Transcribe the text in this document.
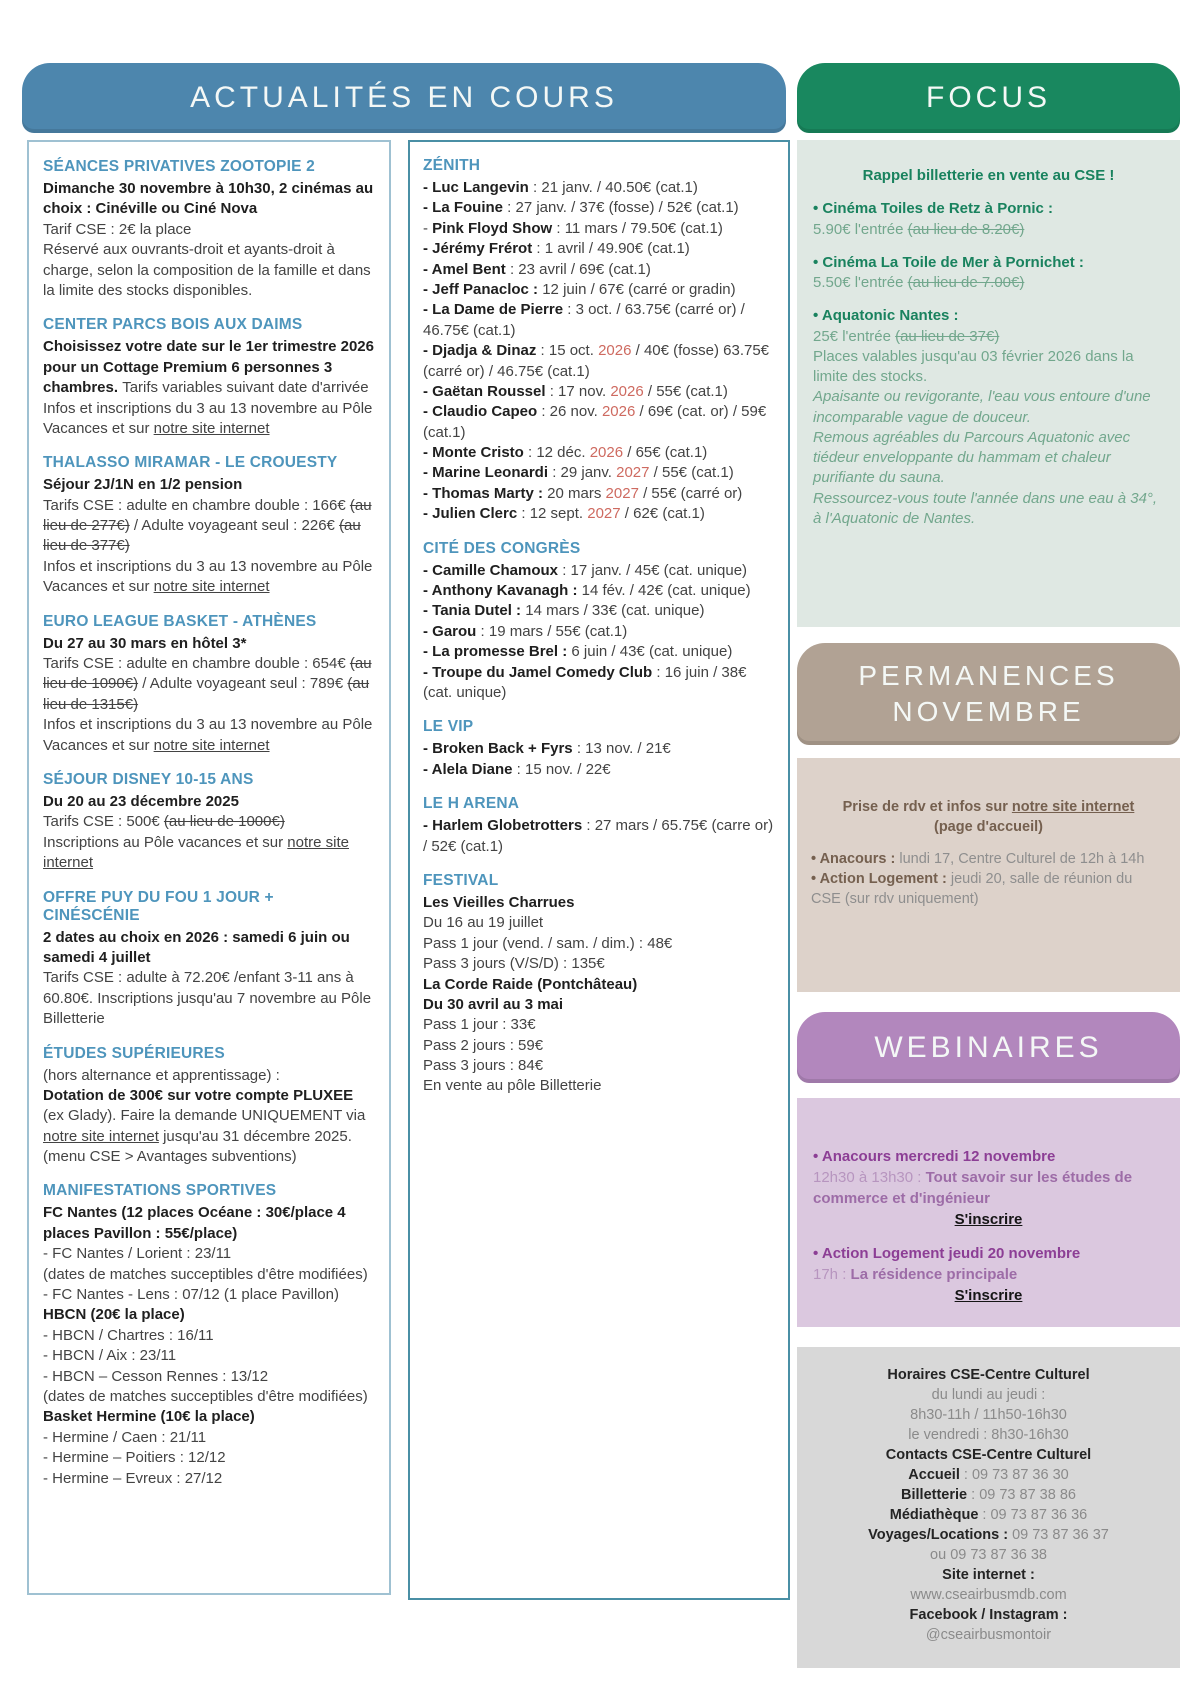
ACTUALITÉS EN COURS	FOCUS
SÉANCES PRIVATIVES ZOOTOPIE 2

Dimanche 30 novembre à 10h30, 2 cinémas au choix : Cinéville ou Ciné Nova

Tarif CSE : 2€ la place

Réservé aux ouvrants-droit et ayants-droit à charge, selon la composition de la famille et dans la limite des stocks disponibles.

CENTER PARCS BOIS AUX DAIMS

Choisissez votre date sur le 1er trimestre 2026 pour un Cottage Premium 6 personnes 3 chambres. Tarifs variables suivant date d'arrivée

Infos et inscriptions du 3 au 13 novembre au Pôle Vacances et sur notre site internet

THALASSO MIRAMAR - LE CROUESTY

Séjour 2J/1N en 1/2 pension

Tarifs CSE : adulte en chambre double : 166€ (au lieu de 277€) / Adulte voyageant seul : 226€ (au lieu de 377€)

Infos et inscriptions du 3 au 13 novembre au Pôle Vacances et sur notre site internet

EURO LEAGUE BASKET - ATHÈNES

Du 27 au 30 mars en hôtel 3*

Tarifs CSE : adulte en chambre double : 654€ (au lieu de 1090€) / Adulte voyageant seul : 789€ (au lieu de 1315€)

Infos et inscriptions du 3 au 13 novembre au Pôle Vacances et sur notre site internet

SÉJOUR DISNEY 10-15 ANS

Du 20 au 23 décembre 2025

Tarifs CSE : 500€ (au lieu de 1000€)

Inscriptions au Pôle vacances et sur notre site internet

OFFRE PUY DU FOU 1 JOUR + CINÉSCÉNIE

2 dates au choix en 2026 : samedi 6 juin ou samedi 4 juillet

Tarifs CSE : adulte à 72.20€ /enfant 3-11 ans à 60.80€. Inscriptions jusqu'au 7 novembre au Pôle Billetterie

ÉTUDES SUPÉRIEURES

(hors alternance et apprentissage) :

Dotation de 300€ sur votre compte PLUXEE (ex Glady). Faire la demande UNIQUEMENT via notre site internet jusqu'au 31 décembre 2025. (menu CSE > Avantages subventions)

MANIFESTATIONS SPORTIVES

FC Nantes (12 places Océane : 30€/place 4 places Pavillon : 55€/place)

- FC Nantes / Lorient : 23/11

(dates de matches succeptibles d'être modifiées)

- FC Nantes - Lens : 07/12 (1 place Pavillon)

HBCN (20€ la place)

- HBCN / Chartres : 16/11

- HBCN / Aix : 23/11

- HBCN – Cesson Rennes : 13/12

(dates de matches succeptibles d'être modifiées)

Basket Hermine (10€ la place)

- Hermine / Caen : 21/11

- Hermine – Poitiers : 12/12

- Hermine – Evreux : 27/12

ZÉNITH

- Luc Langevin : 21 janv. / 40.50€ (cat.1)

- La Fouine : 27 janv. / 37€ (fosse) / 52€ (cat.1)

- Pink Floyd Show : 11 mars / 79.50€ (cat.1)

- Jérémy Frérot : 1 avril / 49.90€ (cat.1)

- Amel Bent : 23 avril / 69€ (cat.1)

- Jeff Panacloc : 12 juin / 67€ (carré or gradin)

- La Dame de Pierre : 3 oct. / 63.75€ (carré or) / 46.75€ (cat.1)

- Djadja & Dinaz : 15 oct. 2026 / 40€ (fosse) 63.75€ (carré or) / 46.75€ (cat.1)

- Gaëtan Roussel : 17 nov. 2026 / 55€ (cat.1)

- Claudio Capeo : 26 nov. 2026 / 69€ (cat. or) / 59€ (cat.1)

- Monte Cristo : 12 déc. 2026 / 65€ (cat.1)

- Marine Leonardi : 29 janv. 2027 / 55€ (cat.1)

- Thomas Marty : 20 mars 2027 / 55€ (carré or)

- Julien Clerc : 12 sept. 2027 / 62€ (cat.1)

CITÉ DES CONGRÈS

- Camille Chamoux : 17 janv. / 45€ (cat. unique)

- Anthony Kavanagh : 14 fév. / 42€ (cat. unique)

- Tania Dutel : 14 mars / 33€ (cat. unique)

- Garou : 19 mars / 55€ (cat.1)

- La promesse Brel : 6 juin / 43€ (cat. unique)

- Troupe du Jamel Comedy Club : 16 juin / 38€ (cat. unique)

LE VIP

- Broken Back + Fyrs : 13 nov. / 21€

- Alela Diane : 15 nov. / 22€

LE H ARENA

- Harlem Globetrotters : 27 mars / 65.75€ (carre or) / 52€ (cat.1)

FESTIVAL

Les Vieilles Charrues

Du 16 au 19 juillet

Pass 1 jour (vend. / sam. / dim.) : 48€

Pass 3 jours (V/S/D) : 135€

La Corde Raide (Pontchâteau)

Du 30 avril au 3 mai

Pass 1 jour : 33€

Pass 2 jours : 59€

Pass 3 jours : 84€

En vente au pôle Billetterie

Rappel billetterie en vente au CSE !

• Cinéma Toiles de Retz à Pornic :

5.90€ l'entrée (au lieu de 8.20€)

• Cinéma La Toile de Mer à Pornichet :

5.50€ l'entrée (au lieu de 7.00€)

• Aquatonic Nantes :

25€ l'entrée (au lieu de 37€)

Places valables jusqu'au 03 février 2026 dans la limite des stocks.

Apaisante ou revigorante, l'eau vous entoure d'une incomparable vague de douceur.

Remous agréables du Parcours Aquatonic avec tiédeur enveloppante du hammam et chaleur purifiante du sauna.

Ressourcez-vous toute l'année dans une eau à 34°, à l'Aquatonic de Nantes.

PERMANENCES NOVEMBRE

Prise de rdv et infos sur notre site internet

(page d'accueil)

• Anacours : lundi 17, Centre Culturel de 12h à 14h

• Action Logement : jeudi 20, salle de réunion du CSE (sur rdv uniquement)

WEBINAIRES

• Anacours mercredi 12 novembre

12h30 à 13h30 : Tout savoir sur les études de commerce et d'ingénieur

S'inscrire

• Action Logement jeudi 20 novembre

17h : La résidence principale

S'inscrire

Horaires CSE-Centre Culturel

du lundi au jeudi :

8h30-11h / 11h50-16h30

le vendredi : 8h30-16h30

Contacts CSE-Centre Culturel

Accueil : 09 73 87 36 30

Billetterie : 09 73 87 38 86

Médiathèque : 09 73 87 36 36

Voyages/Locations : 09 73 87 36 37

ou 09 73 87 36 38

Site internet :

www.cseairbusmdb.com

Facebook / Instagram :

@cseairbusmontoir
